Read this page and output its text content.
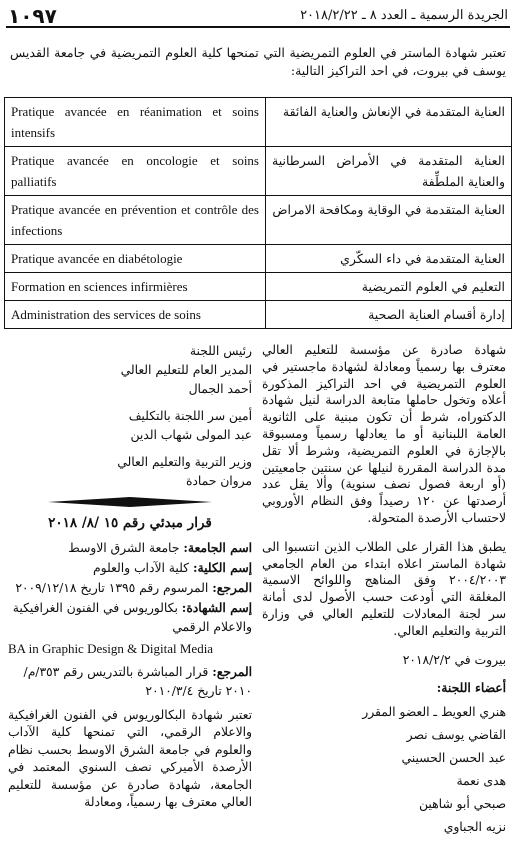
١٠٩٧	الجريدة الرسمية ـ العدد ٨ ـ ٢٠١٨/٢/٢٢
تعتبر شهادة الماستر في العلوم التمريضية التي تمنحها كلية العلوم التمريضية في جامعة القديس يوسف في بيروت، في احد التراكيز التالية:
Pratique avancée en réanimation et soins intensifs	العناية المتقدمة في الإنعاش والعناية الفائقة
Pratique avancée en oncologie et soins palliatifs	العناية المتقدمة في الأمراض السرطانية والعناية الملطِّفة
Pratique avancée en prévention et contrôle des infections	العناية المتقدمة في الوقاية ومكافحة الامراض
Pratique avancée en diabétologie	العناية المتقدمة في داء السكّري
Formation en sciences infirmières	التعليم في العلوم التمريضية
Administration des services de soins	إدارة أقسام العناية الصحية

شهادة صادرة عن مؤسسة للتعليم العالي معترف بها رسمياً ومعادلة لشهادة ماجستير في العلوم التمريضية في احد التراكيز المذكورة أعلاه وتخول حاملها متابعة الدراسة لنيل شهادة الدكتوراه، شرط أن تكون مبنية على الثانوية العامة اللبنانية أو ما يعادلها رسمياً ومسبوقة بالإجازة في العلوم التمريضية، وشرط ألا تقل مدة الدراسة المقررة لنيلها عن سنتين جامعيتين (أو اربعة فصول نصف سنوية) وألا يقل عدد أرصدتها عن ١٢٠ رصيداً وفق النظام الأوروبي لاحتساب الأرصدة المتحولة.

يطبق هذا القرار على الطلاب الذين انتسبوا الى شهادة الماستر اعلاه ابتداء من العام الجامعي ٢٠٠٤/٢٠٠٣ وفق المناهج واللوائح الاسمية المغلقة التي أودعت حسب الأصول لدى أمانة سر لجنة المعادلات للتعليم العالي في وزارة التربية والتعليم العالي.

بيروت في ٢٠١٨/٢/٢

أعضاء اللجنة:
هنري العويط ـ العضو المقرر
القاضي يوسف نصر
عبد الحسن الحسيني
هدى نعمة
صبحي أبو شاهين
نزيه الجباوي

رئيس اللجنة

المدير العام للتعليم العالي

أحمد الجمال

أمين سر اللجنة بالتكليف

عبد المولى شهاب الدين

وزير التربية والتعليم العالي

مروان حمادة

قرار مبدئي رقم ١٥ /٨/ ٢٠١٨

اسم الجامعة: جامعة الشرق الاوسط

إسم الكلية: كلية الآداب والعلوم

المرجع: المرسوم رقم ١٣٩٥ تاريخ ٢٠٠٩/١٢/١٨

إسم الشهادة: بكالوريوس في الفنون الغرافيكية والاعلام الرقمي

BA in Graphic Design & Digital Media

المرجع: قرار المباشرة بالتدريس رقم ٣٥٣/م/٢٠١٠ تاريخ ٢٠١٠/٣/٤

تعتبر شهادة البكالوريوس في الفنون الغرافيكية والاعلام الرقمي، التي تمنحها كلية الآداب والعلوم في جامعة الشرق الاوسط بحسب نظام الأرصدة الأميركي نصف السنوي المعتمد في الجامعة، شهادة صادرة عن مؤسسة للتعليم العالي معترف بها رسمياً، ومعادلة
